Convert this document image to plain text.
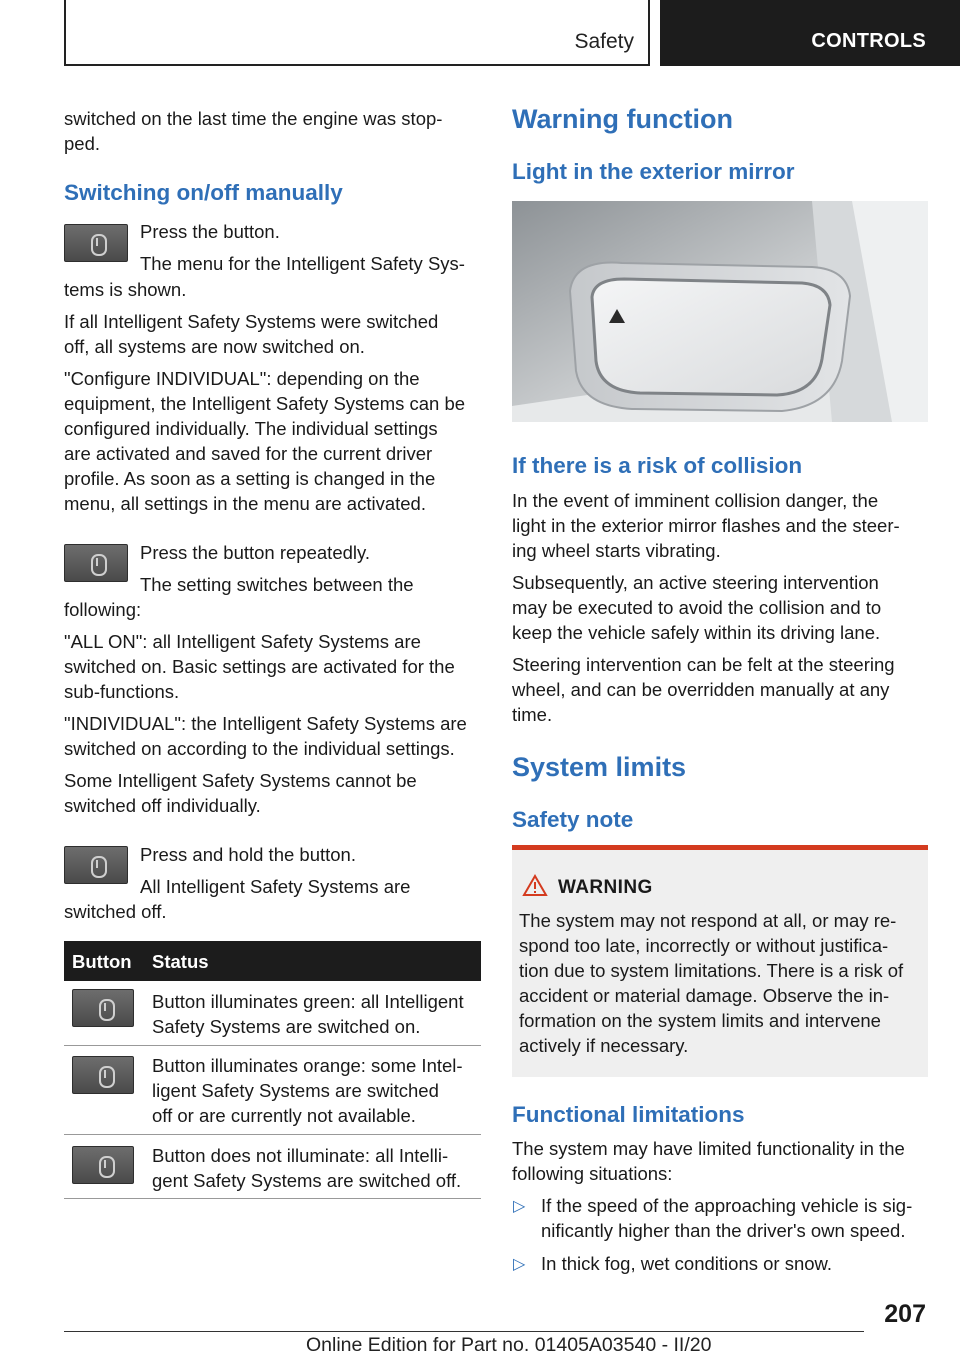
Safety	CONTROLS
switched on the last time the engine was stop-
ped.
Switching on/off manually
Press the button.
The menu for the Intelligent Safety Sys-
tems is shown.
If all Intelligent Safety Systems were switched
off, all systems are now switched on.
"Configure INDIVIDUAL": depending on the
equipment, the Intelligent Safety Systems can be
configured individually. The individual settings
are activated and saved for the current driver
profile. As soon as a setting is changed in the
menu, all settings in the menu are activated.
Press the button repeatedly.
The setting switches between the
following:
"ALL ON": all Intelligent Safety Systems are
switched on. Basic settings are activated for the
sub-functions.
"INDIVIDUAL": the Intelligent Safety Systems are
switched on according to the individual settings.
Some Intelligent Safety Systems cannot be
switched off individually.
Press and hold the button.
All Intelligent Safety Systems are
switched off.
Button Status
Button illuminates green: all Intelligent
Safety Systems are switched on.
Button illuminates orange: some Intel-
ligent Safety Systems are switched
off or are currently not available.
Button does not illuminate: all Intelli-
gent Safety Systems are switched off.
Warning function
Light in the exterior mirror
If there is a risk of collision
In the event of imminent collision danger, the
light in the exterior mirror flashes and the steer-
ing wheel starts vibrating.
Subsequently, an active steering intervention
may be executed to avoid the collision and to
keep the vehicle safely within its driving lane.
Steering intervention can be felt at the steering
wheel, and can be overridden manually at any
time.
System limits
Safety note
WARNING
The system may not respond at all, or may re-
spond too late, incorrectly or without justifica-
tion due to system limitations. There is a risk of
accident or material damage. Observe the in-
formation on the system limits and intervene
actively if necessary.
Functional limitations
The system may have limited functionality in the
following situations:
▷ If the speed of the approaching vehicle is sig-
nificantly higher than the driver's own speed.
▷ In thick fog, wet conditions or snow.
207
Online Edition for Part no. 01405A03540 - II/20
